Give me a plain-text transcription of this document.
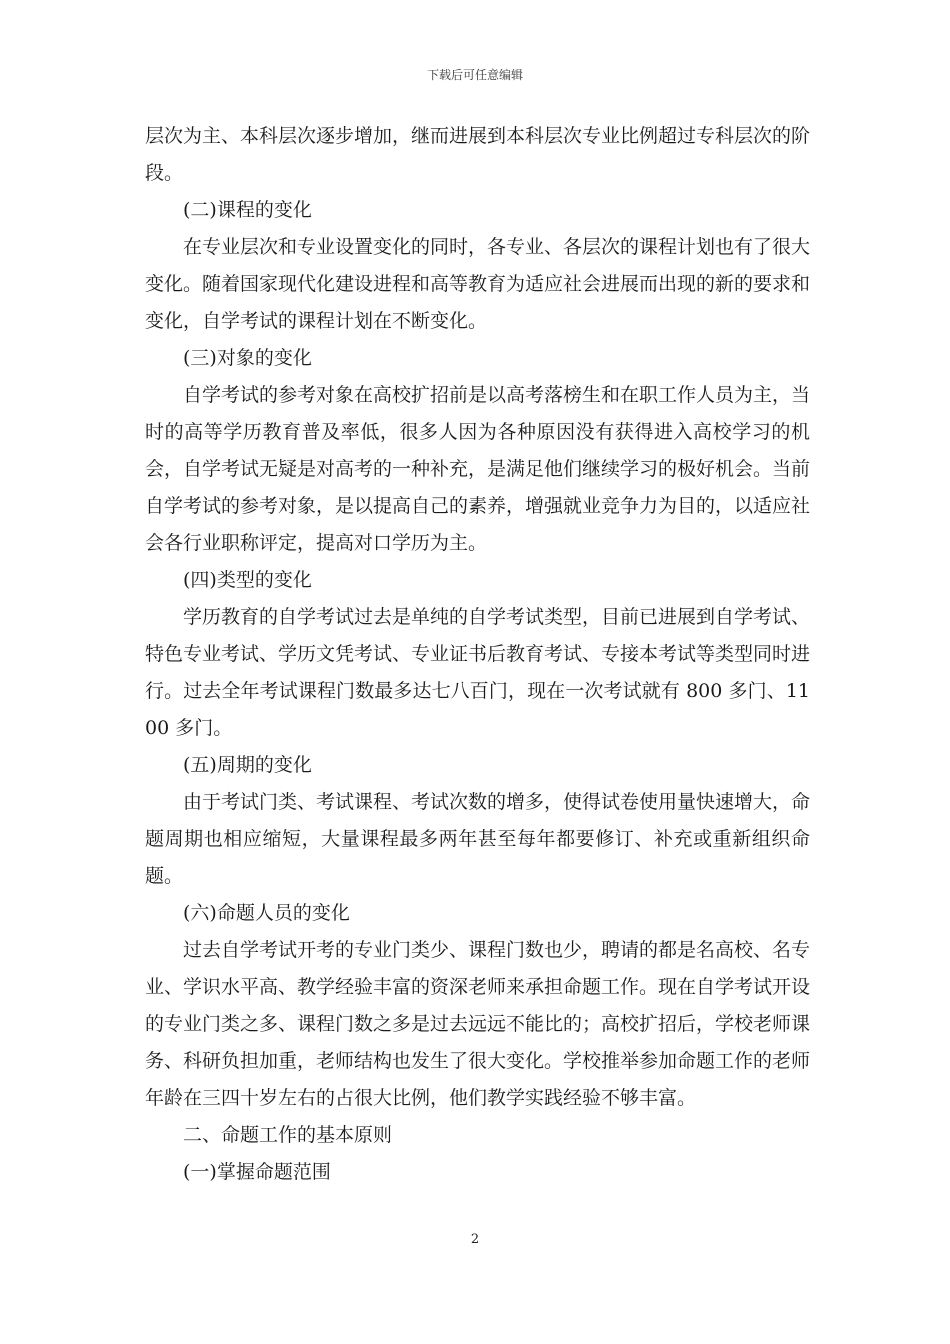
下载后可任意编辑

层次为主、本科层次逐步增加，继而进展到本科层次专业比例超过专科层次的阶段。

(二)课程的变化

在专业层次和专业设置变化的同时，各专业、各层次的课程计划也有了很大变化。随着国家现代化建设进程和高等教育为适应社会进展而出现的新的要求和变化，自学考试的课程计划在不断变化。

(三)对象的变化

自学考试的参考对象在高校扩招前是以高考落榜生和在职工作人员为主，当时的高等学历教育普及率低，很多人因为各种原因没有获得进入高校学习的机会，自学考试无疑是对高考的一种补充，是满足他们继续学习的极好机会。当前自学考试的参考对象，是以提高自己的素养，增强就业竞争力为目的，以适应社会各行业职称评定，提高对口学历为主。

(四)类型的变化

学历教育的自学考试过去是单纯的自学考试类型，目前已进展到自学考试、特色专业考试、学历文凭考试、专业证书后教育考试、专接本考试等类型同时进行。过去全年考试课程门数最多达七八百门，现在一次考试就有 800 多门、1100 多门。

(五)周期的变化

由于考试门类、考试课程、考试次数的增多，使得试卷使用量快速增大，命题周期也相应缩短，大量课程最多两年甚至每年都要修订、补充或重新组织命题。

(六)命题人员的变化

过去自学考试开考的专业门类少、课程门数也少，聘请的都是名高校、名专业、学识水平高、教学经验丰富的资深老师来承担命题工作。现在自学考试开设的专业门类之多、课程门数之多是过去远远不能比的；高校扩招后，学校老师课务、科研负担加重，老师结构也发生了很大变化。学校推举参加命题工作的老师年龄在三四十岁左右的占很大比例，他们教学实践经验不够丰富。

二、命题工作的基本原则

(一)掌握命题范围

2
